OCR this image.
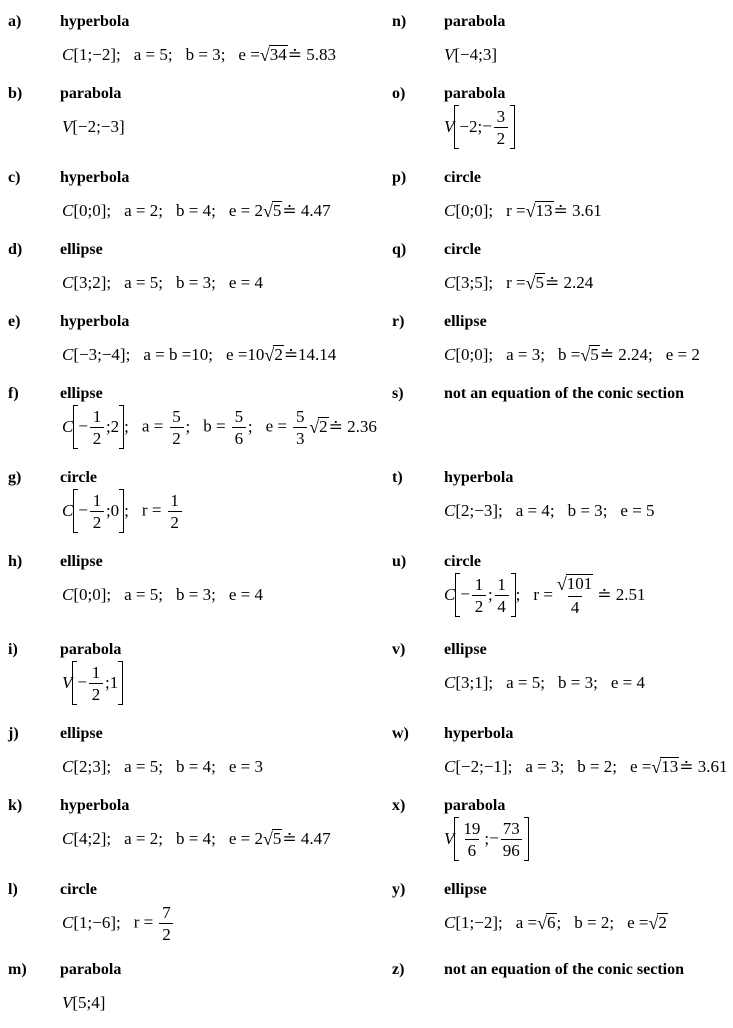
a) hyperbola
C [1;−2] ; a = 5 ; b = 3 ; e = √ 34 ≐ 5.83
b) parabola
V [−2;−3]
c) hyperbola
C [0;0] ; a = 2 ; b = 4 ; e = 2 √ 5 ≐ 4.47
d) ellipse
C [3;2] ; a = 5 ; b = 3 ; e = 4
e) hyperbola
C [−3;−4] ; a = b =10 ; e =10 √ 2 ≐14.14
f)	ellipse
$C - \frac{1}{2}$ ; 2 ; $a = \frac{5}{2}$ ; $b = \frac{5}{6}$ ; $e = \frac{5}{3}$ √ 2 ≐ 2.36
g) circle
$C - \frac{1}{2}$ ; 0 ; $r = \frac{1}{2}$
h) ellipse
C [0;0] ; a = 5 ; b = 3 ; e = 4
i)	parabola
$V - \frac{1}{2}$ ; 1
j)	ellipse
C [2;3] ; a = 5 ; b = 4 ; e = 3
k) hyperbola
C [4;2] ; a = 2 ; b = 4 ; e = 2 √ 5 ≐ 4.47
l)	circle
C [1;−6] ; $r = \frac{7}{2}$
m) parabola
V [5;4]
n) parabola
V [−4;3]
o) parabola
V −2 ; − $\frac{3}{2}$
p) circle
C [0;0] ; r = √ 13 ≐ 3.61
q) circle
C [3;5] ; r = √ 5 ≐ 2.24
r) ellipse
C [0;0] ; a = 3 ; b = √ 5 ≐ 2.24 ; e = 2
s)	not an equation of the conic section
t)	hyperbola
C [2;−3] ; a = 4 ; b = 3 ; e = 5
u) circle
$C - \frac{1}{2}$ ; $\frac{1}{4}$ ; $r = \frac{√ 101}{4}$ ≐ 2.51
v) ellipse
C [3;1] ; a = 5 ; b = 3 ; e = 4
w) hyperbola
C [−2;−1] ; a = 3 ; b = 2 ; e = √ 13 ≐ 3.61
x) parabola
V $\frac{19}{6}$ ; − $\frac{73}{96}$
y) ellipse
C [1;−2] ; a = √ 6 ; b = 2 ; e = √ 2
z) not an equation of the conic section
